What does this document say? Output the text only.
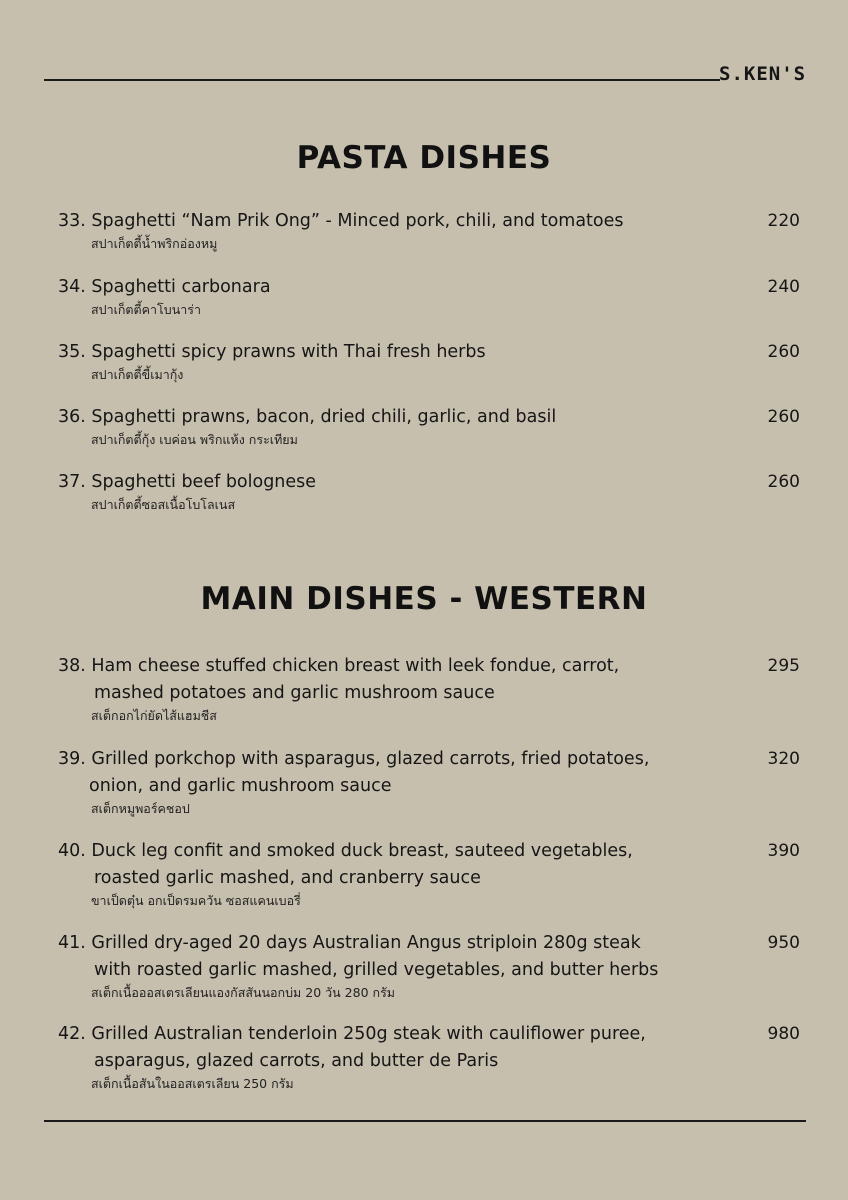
S.KEN'S
PASTA DISHES
33. Spaghetti “Nam Prik Ong” - Minced pork, chili, and tomatoes
สปาเก็ตตี้น้ำพริกอ่องหมู
220
34. Spaghetti carbonara
สปาเก็ตตี้คาโบนาร่า
240
35. Spaghetti spicy prawns with Thai fresh herbs
สปาเก็ตตี้ขี้เมากุ้ง
260
36. Spaghetti prawns, bacon, dried chili, garlic, and basil
สปาเก็ตตี้กุ้ง เบค่อน พริกแห้ง กระเทียม
260
37. Spaghetti beef bolognese
สปาเก็ตตี้ซอสเนื้อโบโลเนส
260
MAIN DISHES - WESTERN
38. Ham cheese stuffed chicken breast with leek fondue, carrot,
mashed potatoes and garlic mushroom sauce
สเต็กอกไก่ยัดไส้แฮมชีส
295
39. Grilled porkchop with asparagus, glazed carrots, fried potatoes,
onion, and garlic mushroom sauce
สเต็กหมูพอร์คชอป
320
40. Duck leg confit and smoked duck breast, sauteed vegetables,
roasted garlic mashed, and cranberry sauce
ขาเป็ดตุ๋น อกเป็ดรมควัน ซอสแคนเบอรี่
390
41. Grilled dry-aged 20 days Australian Angus striploin 280g steak
with roasted garlic mashed, grilled vegetables, and butter herbs
สเต็กเนื้อออสเตรเลียนแองกัสสันนอกบ่ม 20 วัน 280 กรัม
950
42. Grilled Australian tenderloin 250g steak with cauliflower puree,
asparagus, glazed carrots, and butter de Paris
สเต็กเนื้อสันในออสเตรเลียน 250 กรัม
980
